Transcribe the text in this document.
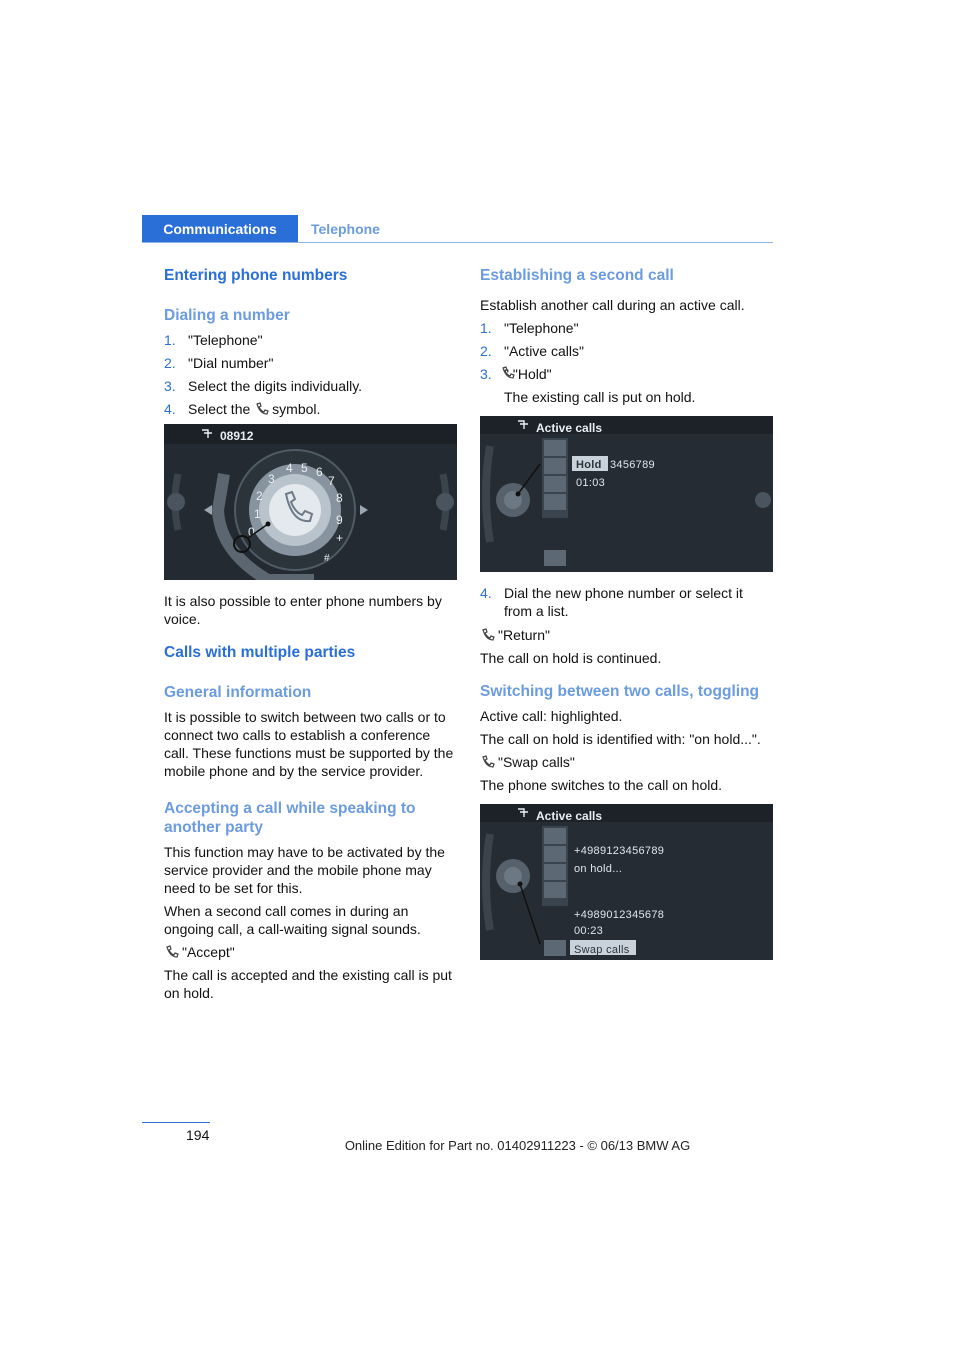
Communications	Telephone
Entering phone numbers
Dialing a number
1. "Telephone"
2. "Dial number"
3. Select the digits individually.
4. Select the symbol.
1
2
3
4 5 6
7
8
9
0	+
#
08912

It is also possible to enter phone numbers by voice.

Calls with multiple parties
General information

It is possible to switch between two calls or to connect two calls to establish a conference call. These functions must be supported by the mobile phone and by the service provider.

Accepting a call while speaking to another party

This function may have to be activated by the service provider and the mobile phone may need to be set for this.

When a second call comes in during an ongoing call, a call-waiting signal sounds.

"Accept"

The call is accepted and the existing call is put on hold.

Establishing a second call

Establish another call during an active call.

1. "Telephone"
2. "Active calls"
3. " "Hold"

The existing call is put on hold.

Active calls
Hold 3456789
01:03
4. Dial the new phone number or select it from a list.

"Return"

The call on hold is continued.

Switching between two calls, toggling

Active call: highlighted.

The call on hold is identified with: "on hold...".

"Swap calls"

The phone switches to the call on hold.

Active calls
+4989123456789
on hold...
+4989012345678
00:23
Swap calls
194
Online Edition for Part no. 01402911223 - © 06/13 BMW AG
